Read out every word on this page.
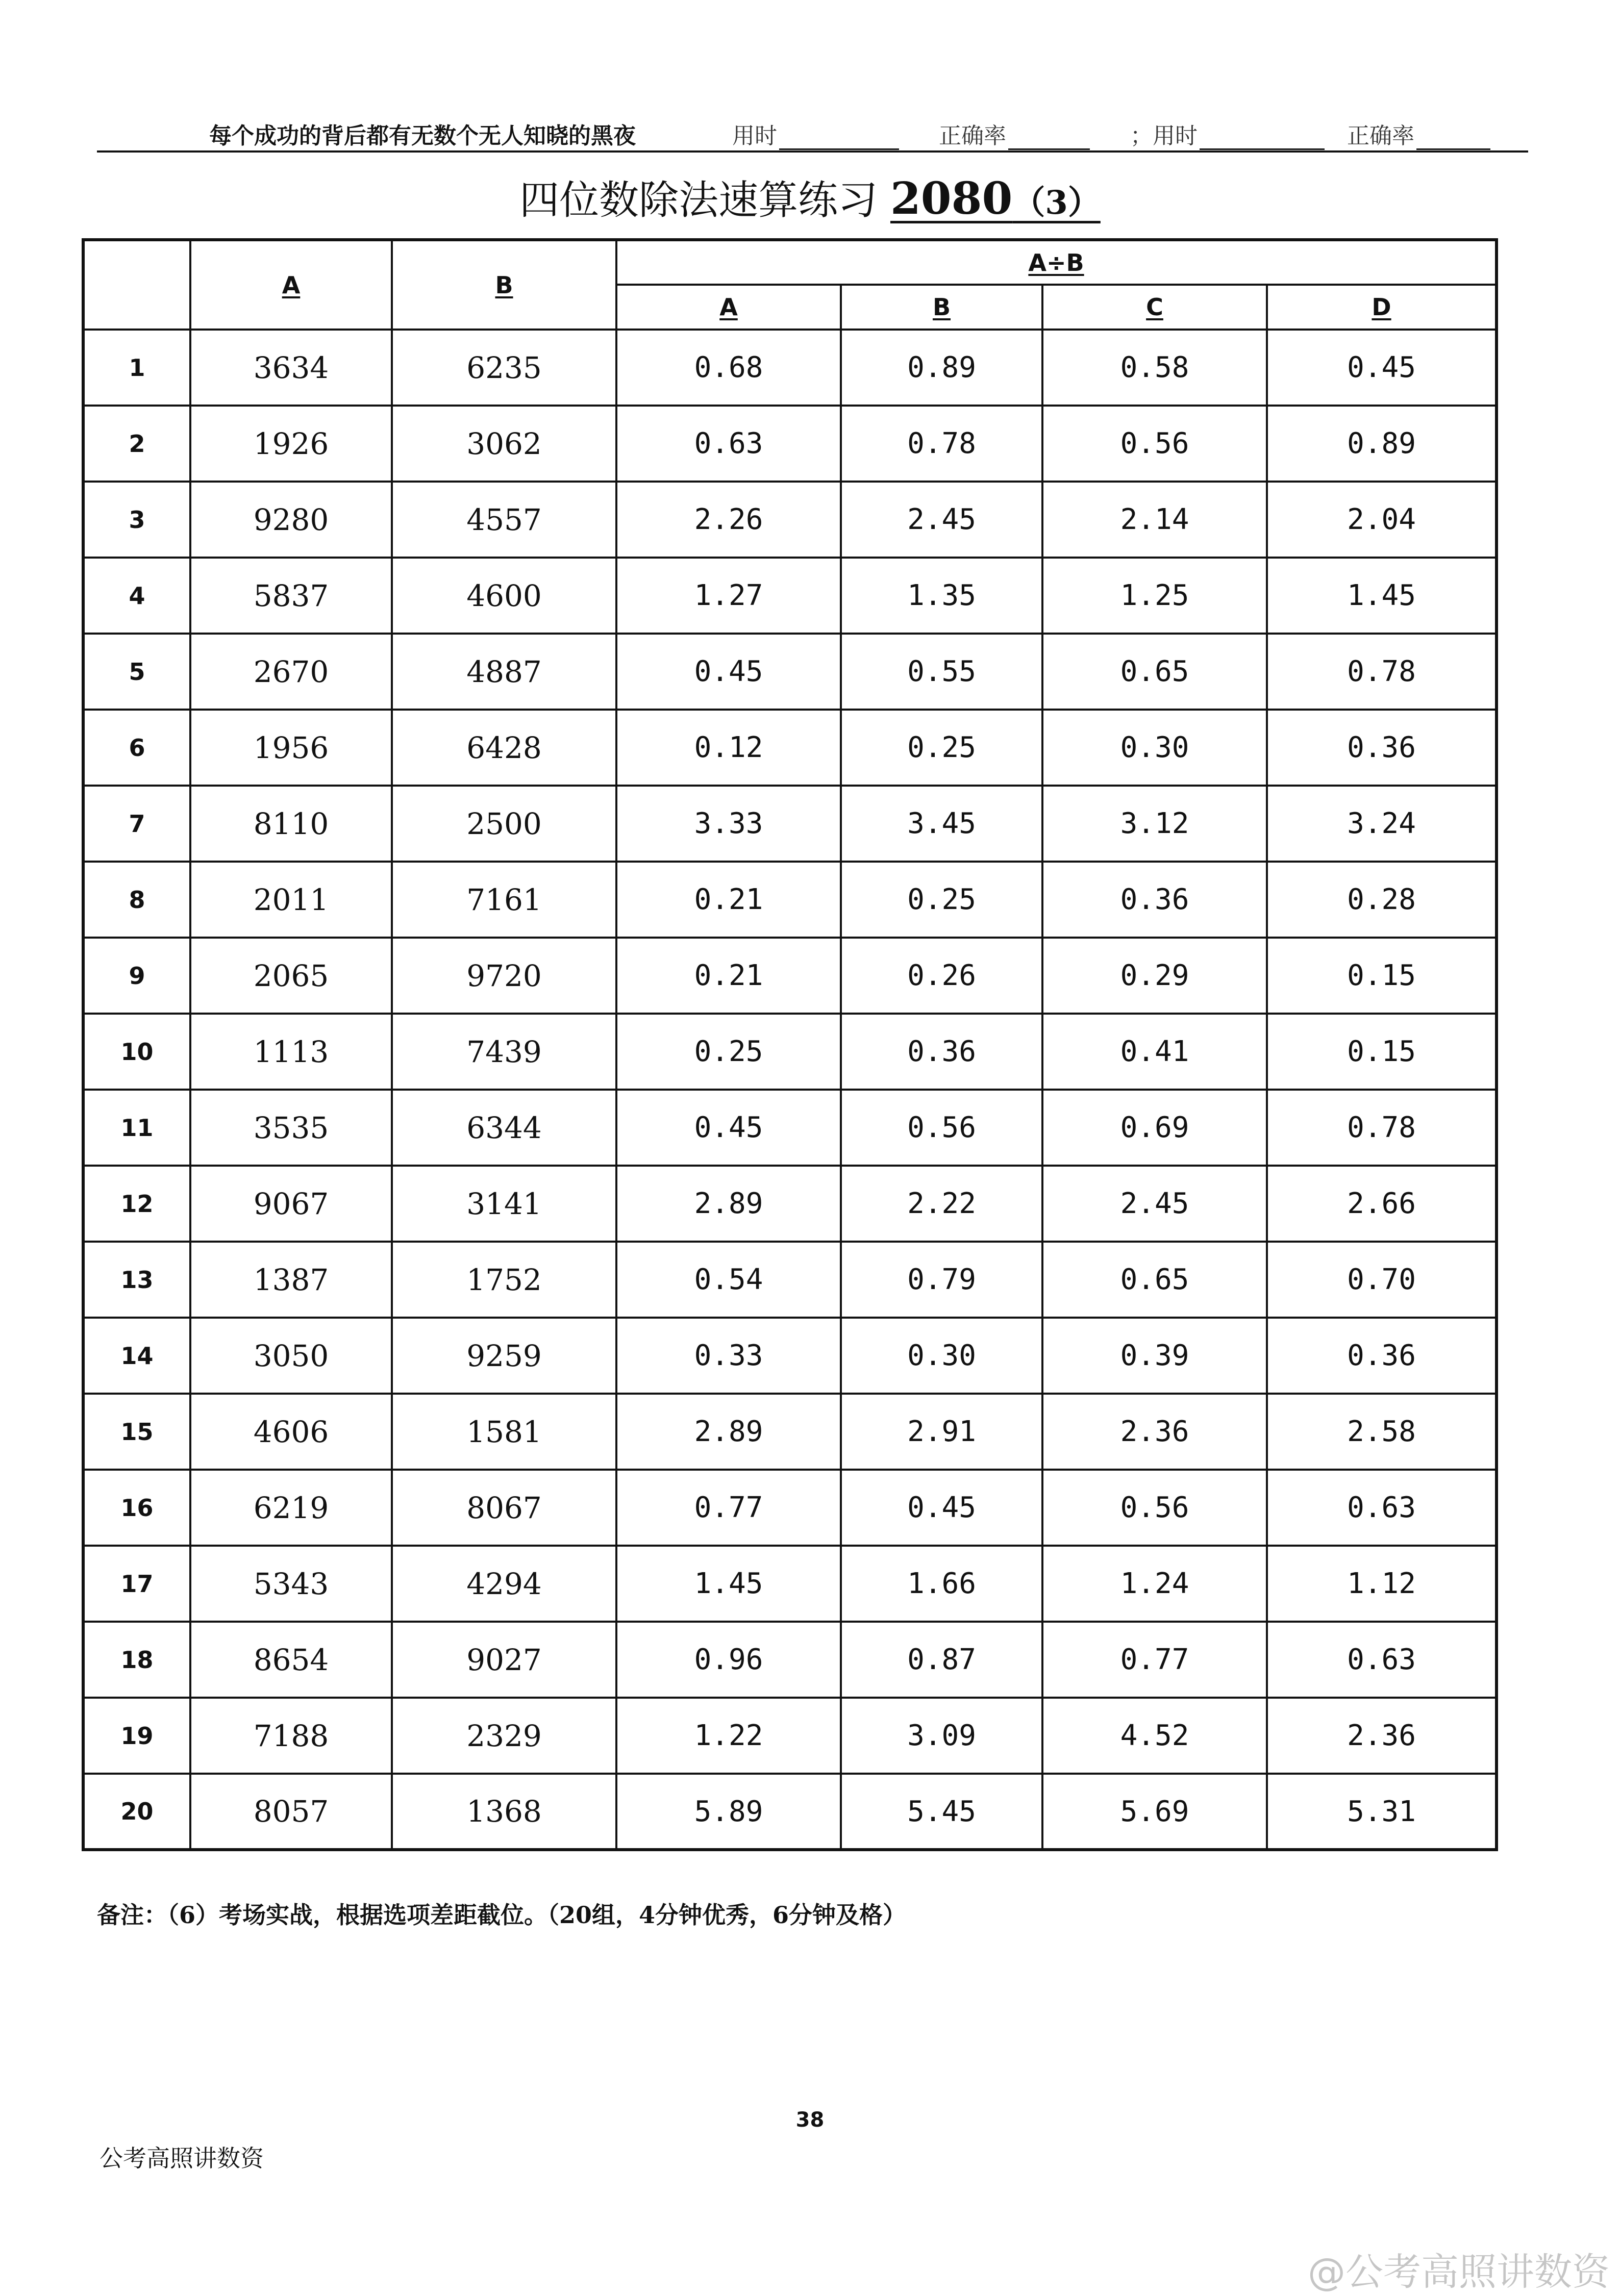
每个成功的背后都有无数个无人知晓的黑夜	用时	正确率	；用时	正确率
四位数除法速算练习 2080（3）
	A	B	A÷B			
			A	B	C	D
1	3634	6235	0.68	0.89	0.58	0.45
2	1926	3062	0.63	0.78	0.56	0.89
3	9280	4557	2.26	2.45	2.14	2.04
4	5837	4600	1.27	1.35	1.25	1.45
5	2670	4887	0.45	0.55	0.65	0.78
6	1956	6428	0.12	0.25	0.30	0.36
7	8110	2500	3.33	3.45	3.12	3.24
8	2011	7161	0.21	0.25	0.36	0.28
9	2065	9720	0.21	0.26	0.29	0.15
10	1113	7439	0.25	0.36	0.41	0.15
11	3535	6344	0.45	0.56	0.69	0.78
12	9067	3141	2.89	2.22	2.45	2.66
13	1387	1752	0.54	0.79	0.65	0.70
14	3050	9259	0.33	0.30	0.39	0.36
15	4606	1581	2.89	2.91	2.36	2.58
16	6219	8067	0.77	0.45	0.56	0.63
17	5343	4294	1.45	1.66	1.24	1.12
18	8654	9027	0.96	0.87	0.77	0.63
19	7188	2329	1.22	3.09	4.52	2.36
20	8057	1368	5.89	5.45	5.69	5.31
备注：（6）考场实战，根据选项差距截位。（20组，4分钟优秀，6分钟及格）
38
公考高照讲数资
@公考高照讲数资
